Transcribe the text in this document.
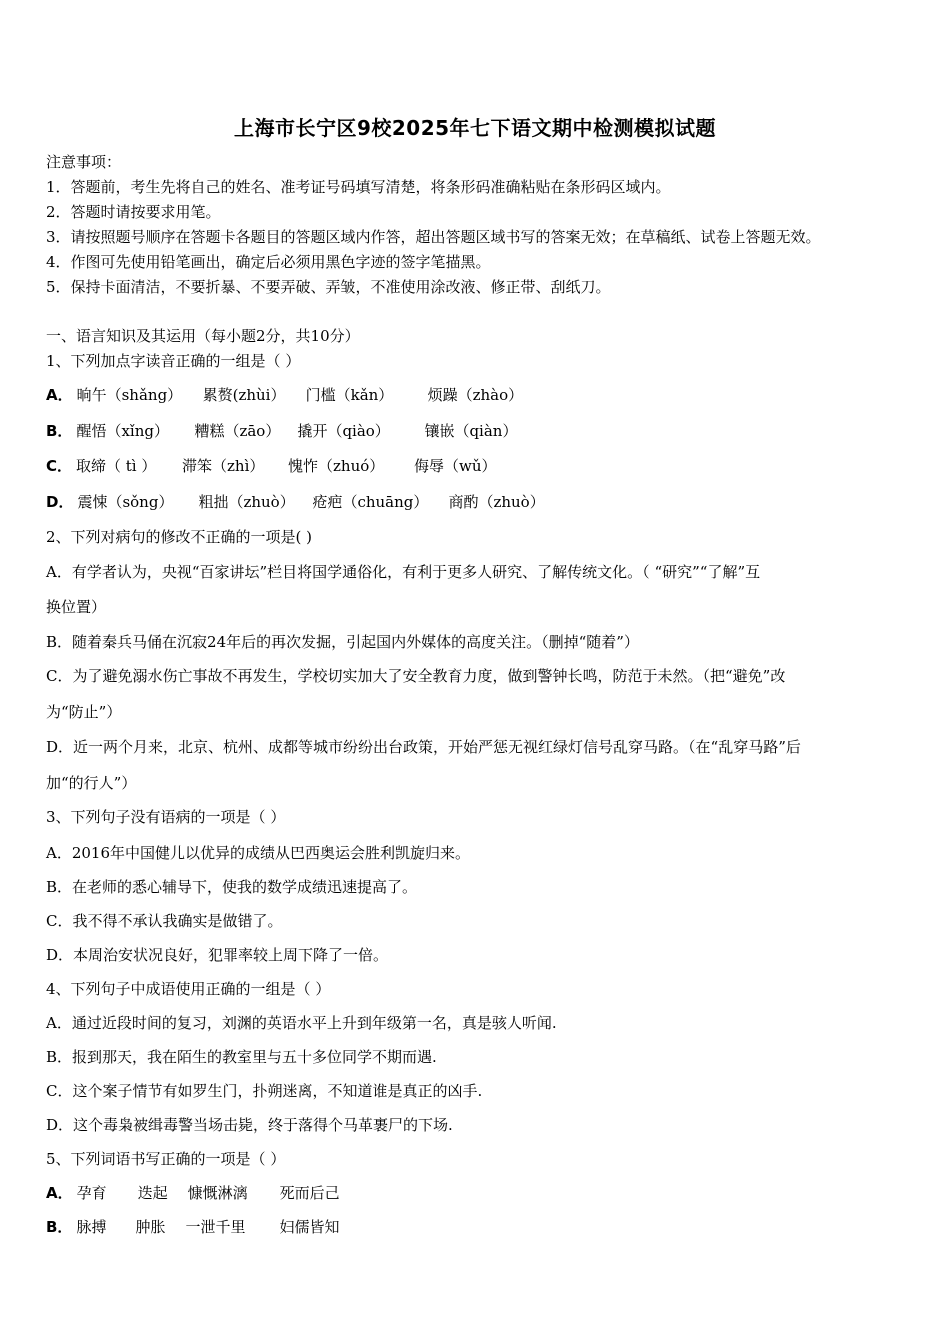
上海市长宁区9校2025年七下语文期中检测模拟试题
注意事项：
1．答题前，考生先将自己的姓名、准考证号码填写清楚，将条形码准确粘贴在条形码区域内。
2．答题时请按要求用笔。
3．请按照题号顺序在答题卡各题目的答题区域内作答，超出答题区域书写的答案无效；在草稿纸、试卷上答题无效。
4．作图可先使用铅笔画出，确定后必须用黑色字迹的签字笔描黑。
5．保持卡面清洁，不要折暴、不要弄破、弄皱，不准使用涂改液、修正带、刮纸刀。
一、语言知识及其运用（每小题2分，共10分）
1、下列加点字读音正确的一组是（ ）
A． 晌午（shǎng） 累赘(zhùi） 门槛（kǎn） 烦躁（zhào）
B． 醒悟（xǐng） 糟糕（zāo） 撬开（qiào） 镶嵌（qiàn）
C． 取缔（ tì ） 滞笨（zhì） 愧怍（zhuó） 侮辱（wǔ）
D． 震悚（sǒng） 粗拙（zhuò） 疮疤（chuāng） 商酌（zhuò）
2、下列对病句的修改不正确的一项是( )
A．有学者认为，央视“百家讲坛”栏目将国学通俗化，有利于更多人研究、了解传统文化。（ “研究”“了解”互
换位置）
B．随着秦兵马俑在沉寂24年后的再次发掘，引起国内外媒体的高度关注。（删掉“随着”）
C．为了避免溺水伤亡事故不再发生，学校切实加大了安全教育力度，做到警钟长鸣，防范于未然。（把“避免”改
为“防止”）
D．近一两个月来，北京、杭州、成都等城市纷纷出台政策，开始严惩无视红绿灯信号乱穿马路。（在“乱穿马路”后
加“的行人”）
3、下列句子没有语病的一项是（ ）
A．2016年中国健儿以优异的成绩从巴西奥运会胜利凯旋归来。
B．在老师的悉心辅导下，使我的数学成绩迅速提高了。
C．我不得不承认我确实是做错了。
D．本周治安状况良好，犯罪率较上周下降了一倍。
4、下列句子中成语使用正确的一组是（ ）
A．通过近段时间的复习，刘渊的英语水平上升到年级第一名，真是骇人听闻.
B．报到那天，我在陌生的教室里与五十多位同学不期而遇.
C．这个案子情节有如罗生门，扑朔迷离，不知道谁是真正的凶手.
D．这个毒枭被缉毒警当场击毙，终于落得个马革裹尸的下场.
5、下列词语书写正确的一项是（ ）
A． 孕育 迭起 慷慨淋漓 死而后己
B． 脉搏 肿胀 一泄千里 妇儒皆知
